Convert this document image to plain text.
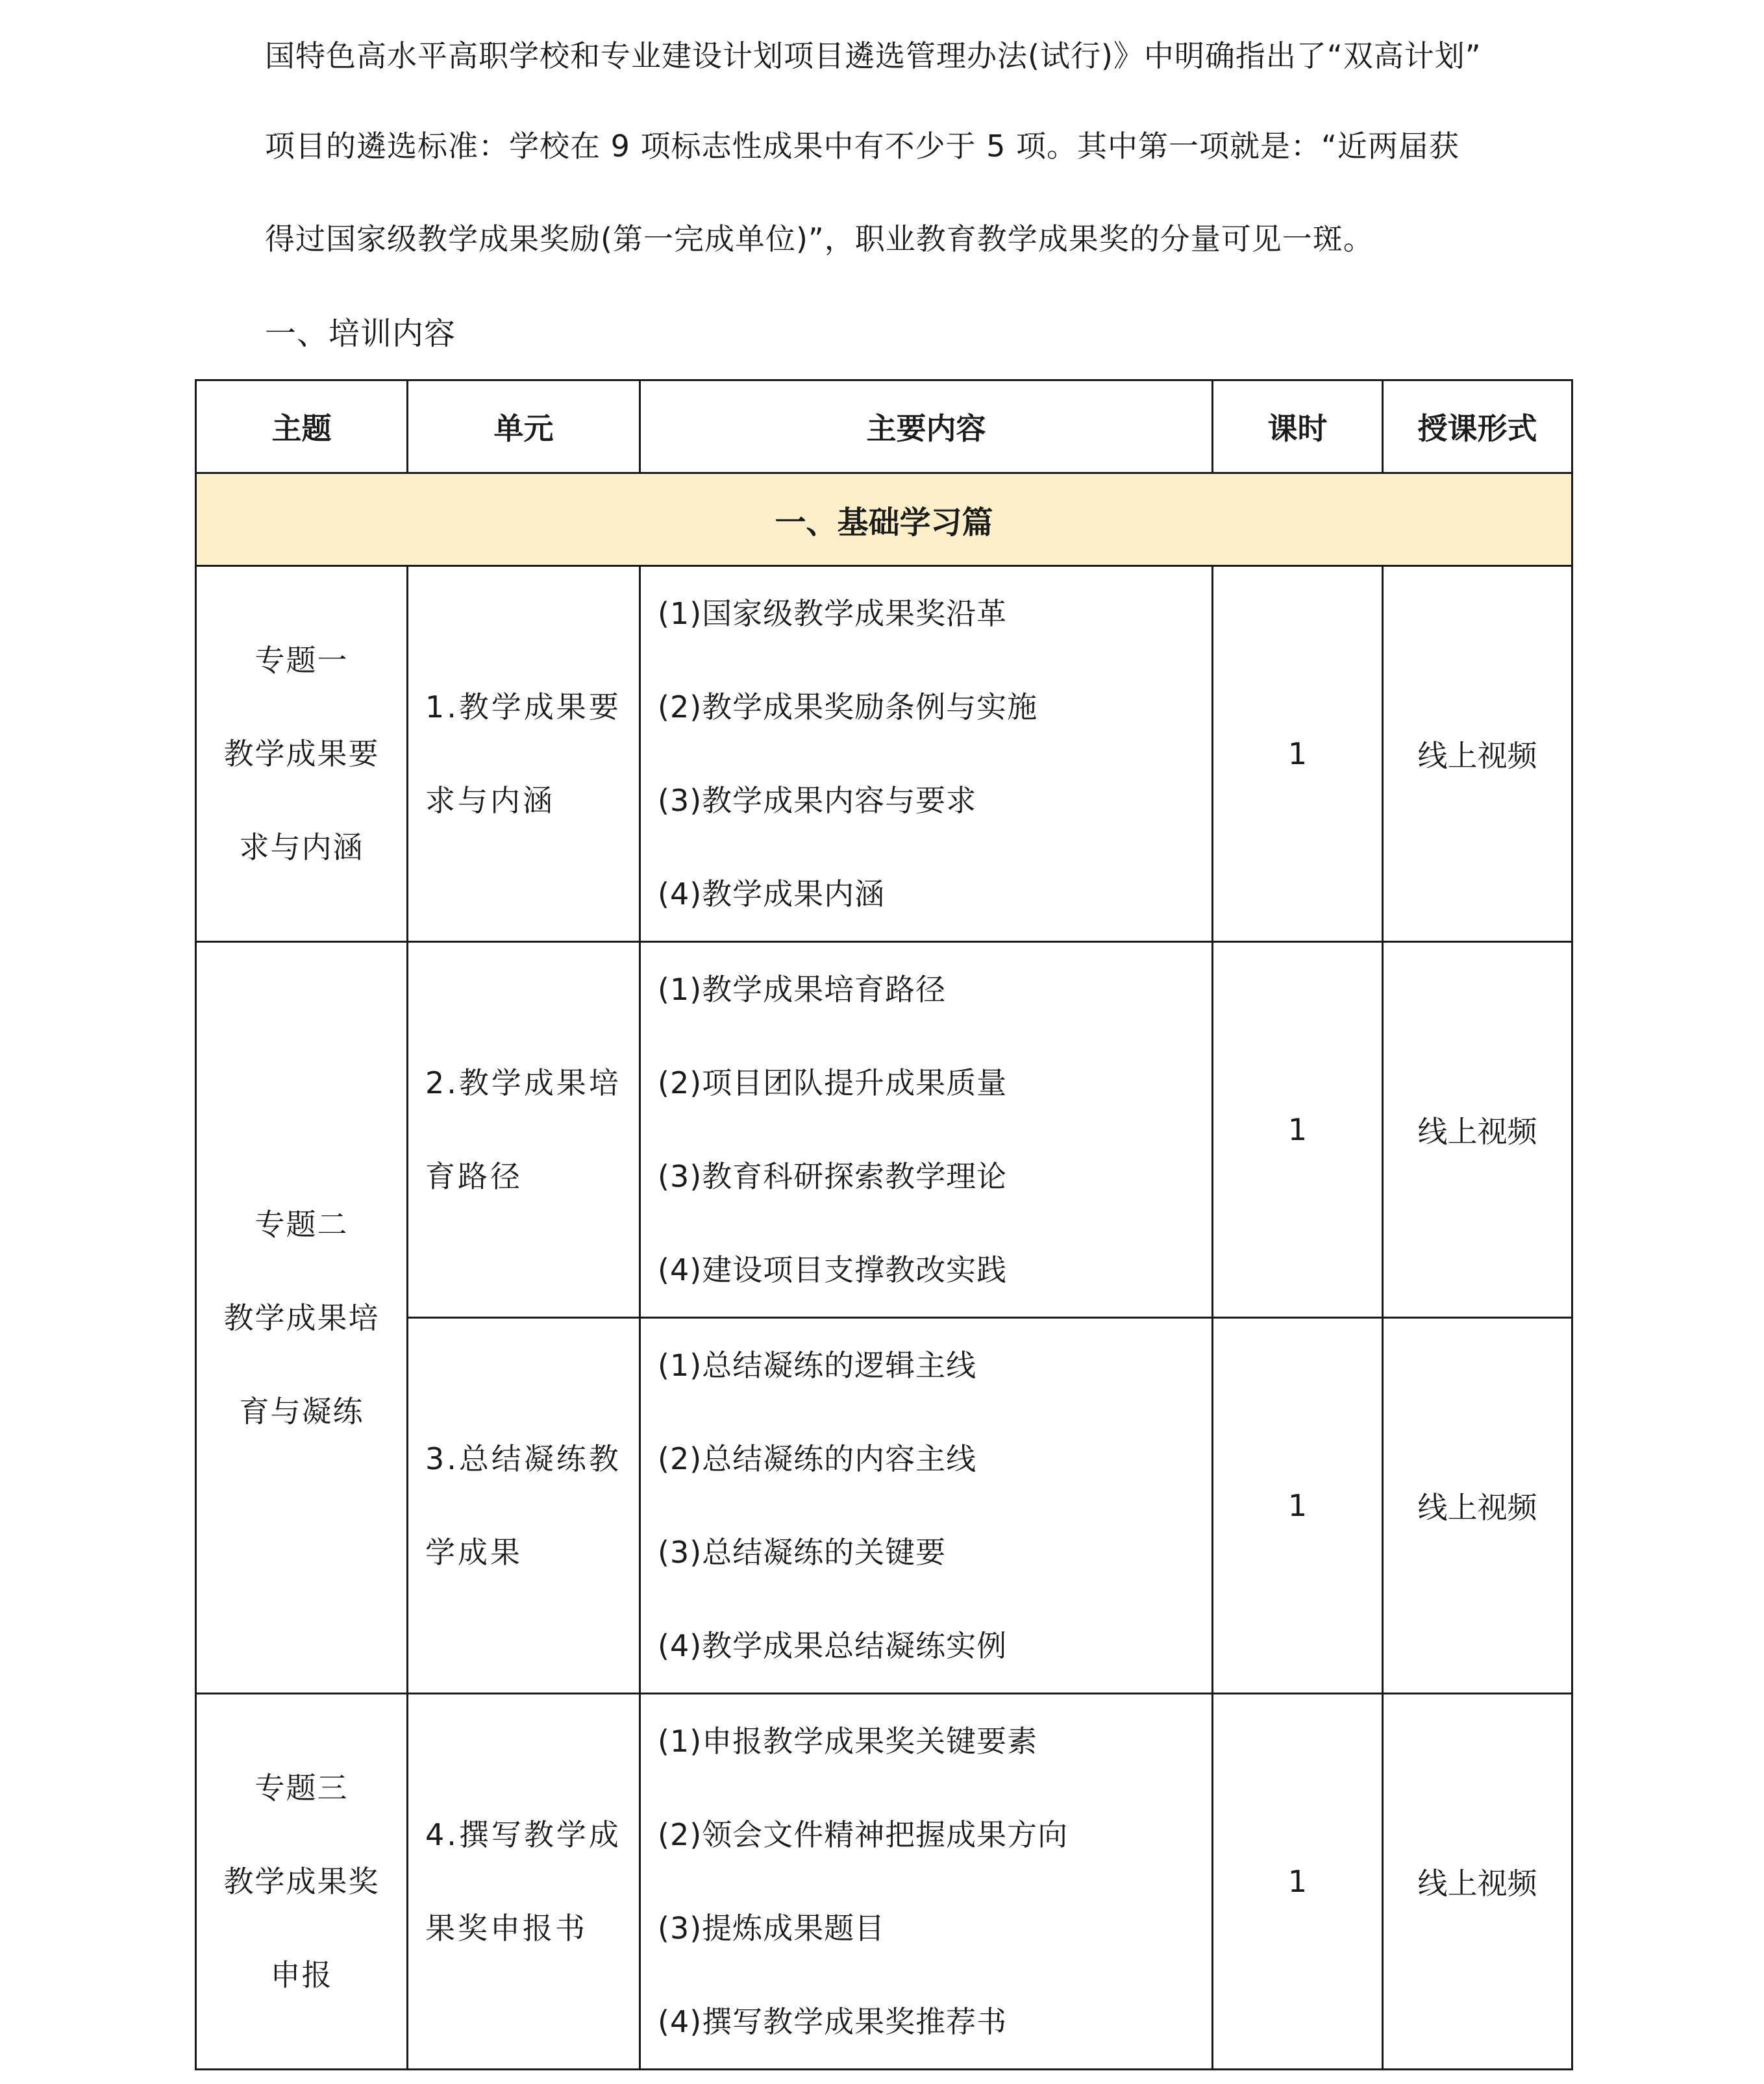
国特色高水平高职学校和专业建设计划项目遴选管理办法(试行)》中明确指出了“双高计划”
项目的遴选标准：学校在 9 项标志性成果中有不少于 5 项。其中第一项就是：“近两届获
得过国家级教学成果奖励(第一完成单位)”，职业教育教学成果奖的分量可见一斑。
一、培训内容
主题	单元	主要内容	课时	授课形式
一、基础学习篇				

专题一
教学成果要
求与内涵	1.教学成果要
求与内涵	(1)国家级教学成果奖沿革
(2)教学成果奖励条例与实施
(3)教学成果内容与要求
(4)教学成果内涵	1	线上视频

专题二
教学成果培
育与凝练	2.教学成果培
育路径	(1)教学成果培育路径
(2)项目团队提升成果质量
(3)教育科研探索教学理论
(4)建设项目支撑教改实践	1	线上视频

	3.总结凝练教
学成果	(1)总结凝练的逻辑主线
(2)总结凝练的内容主线
(3)总结凝练的关键要
(4)教学成果总结凝练实例	1	线上视频

专题三
教学成果奖
申报	4.撰写教学成
果奖申报书	(1)申报教学成果奖关键要素
(2)领会文件精神把握成果方向
(3)提炼成果题目
(4)撰写教学成果奖推荐书	1	线上视频
